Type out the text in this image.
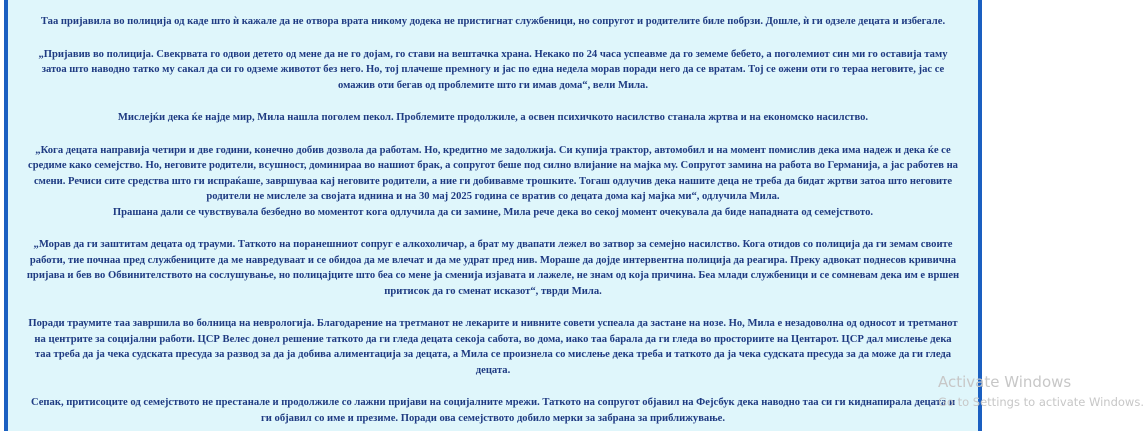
Таа пријавила во полиција од каде што ѝ кажале да не отвора врата никому додека не пристигнат службеници, но сопругот и родителите биле побрзи. Дошле, ѝ ги одзеле децата и избегале.

„Пријавив во полиција. Свекрвата го одвои детето од мене да не го дојам, го стави на вештачка храна. Некако по 24 часа успеавме да го земеме бебето, а поголемиот син ми го оставија таму затоа што наводно татко му сакал да си го одземе животот без него. Но, тој плачеше премногу и јас по една недела морав поради него да се вратам. Тој се ожени оти го тераа неговите, јас се омажив оти бегав од проблемите што ги имав дома“, вели Мила.

Мислејќи дека ќе најде мир, Мила нашла поголем пекол. Проблемите продолжиле, а освен психичкото насилство станала жртва и на економско насилство.

„Кога децата направија четири и две години, конечно добив дозвола да работам. Но, кредитно ме задолжија. Си купија трактор, автомобил и на момент помислив дека има надеж и дека ќе се средиме како семејство. Но, неговите родители, всушност, доминираа во нашиот брак, а сопругот беше под силно влијание на мајка му. Сопругот замина на работа во Германија, а јас работев на смени. Речиси сите средства што ги испраќаше, завршуваа кај неговите родители, а ние ги добивавме трошките. Тогаш одлучив дека нашите деца не треба да бидат жртви затоа што неговите родители не мислеле за својата иднина и на 30 мај 2025 година се вратив со децата дома кај мајка ми“, одлучила Мила.
Прашана дали се чувствувала безбедно во моментот кога одлучила да си замине, Мила рече дека во секој момент очекувала да биде нападната од семејството.

„Морав да ги заштитам децата од трауми. Таткото на поранешниот сопруг е алкохоличар, а брат му двапати лежел во затвор за семејно насилство. Кога отидов со полиција да ги земам своите работи, тие почнаа пред службениците да ме навредуваат и се обидоа да ме влечат и да ме удрат пред нив. Мораше да дојде интервентна полиција да реагира. Преку адвокат поднесов кривична пријава и бев во Обвинителството на сослушување, но полицајците што беа со мене ја сменија изјавата и лажеле, не знам од која причина. Беа млади службеници и се сомневам дека им е вршен притисок да го сменат исказот“, тврди Мила.

Поради траумите таа завршила во болница на неврологија. Благодарение на третманот не лекарите и нивните совети успеала да застане на нозе. Но, Мила е незадоволна од односот и третманот на центрите за социјални работи. ЦСР Велес донел решение таткото да ги гледа децата секоја сабота, во дома, иако таа барала да ги гледа во просториите на Центарот. ЦСР дал мислење дека таа треба да ја чека судската пресуда за развод за да ја добива алиментација за децата, а Мила се произнела со мислење дека треба и таткото да ја чека судската пресуда за да може да ги гледа децата.

Сепак, притисоците од семејството не престанале и продолжиле со лажни пријави на социјалните мрежи. Таткото на сопругот објавил на Фејсбук дека наводно таа си ги киднапирала децата и ги објавил со име и презиме. Поради ова семејството добило мерки за забрана за приближување.

Activate Windows
Go to Settings to activate Windows.
